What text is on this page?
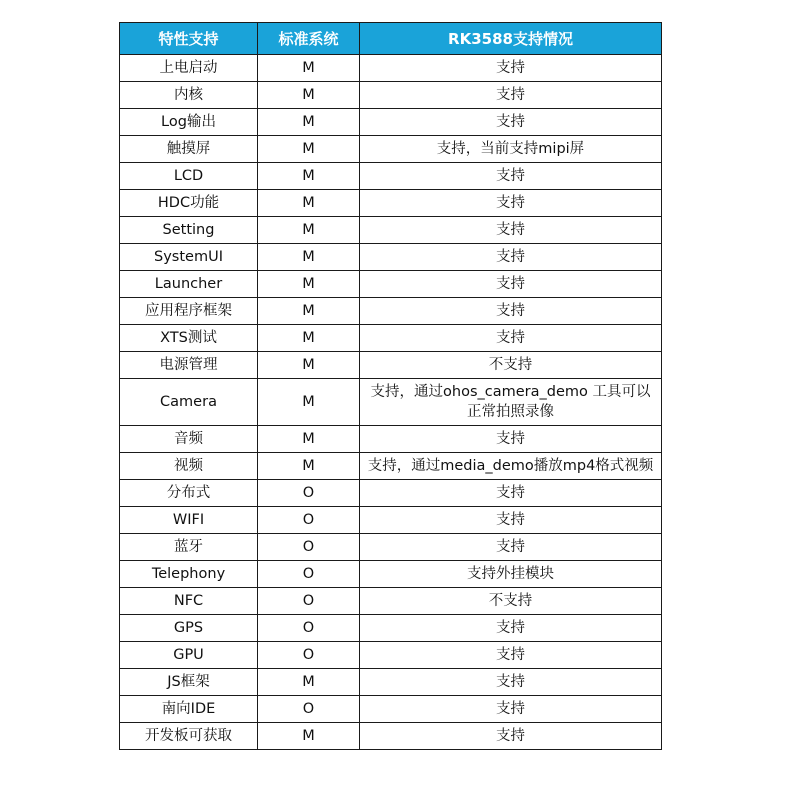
特性支持	标准系统	RK3588支持情况
上电启动	M	支持
内核	M	支持
Log输出	M	支持
触摸屏	M	支持，当前支持mipi屏
LCD	M	支持
HDC功能	M	支持
Setting	M	支持
SystemUI	M	支持
Launcher	M	支持
应用程序框架	M	支持
XTS测试	M	支持
电源管理	M	不支持
Camera	M	支持，通过ohos_camera_demo 工具可以正常拍照录像
音频	M	支持
视频	M	支持，通过media_demo播放mp4格式视频
分布式	O	支持
WIFI	O	支持
蓝牙	O	支持
Telephony	O	支持外挂模块
NFC	O	不支持
GPS	O	支持
GPU	O	支持
JS框架	M	支持
南向IDE	O	支持
开发板可获取	M	支持
